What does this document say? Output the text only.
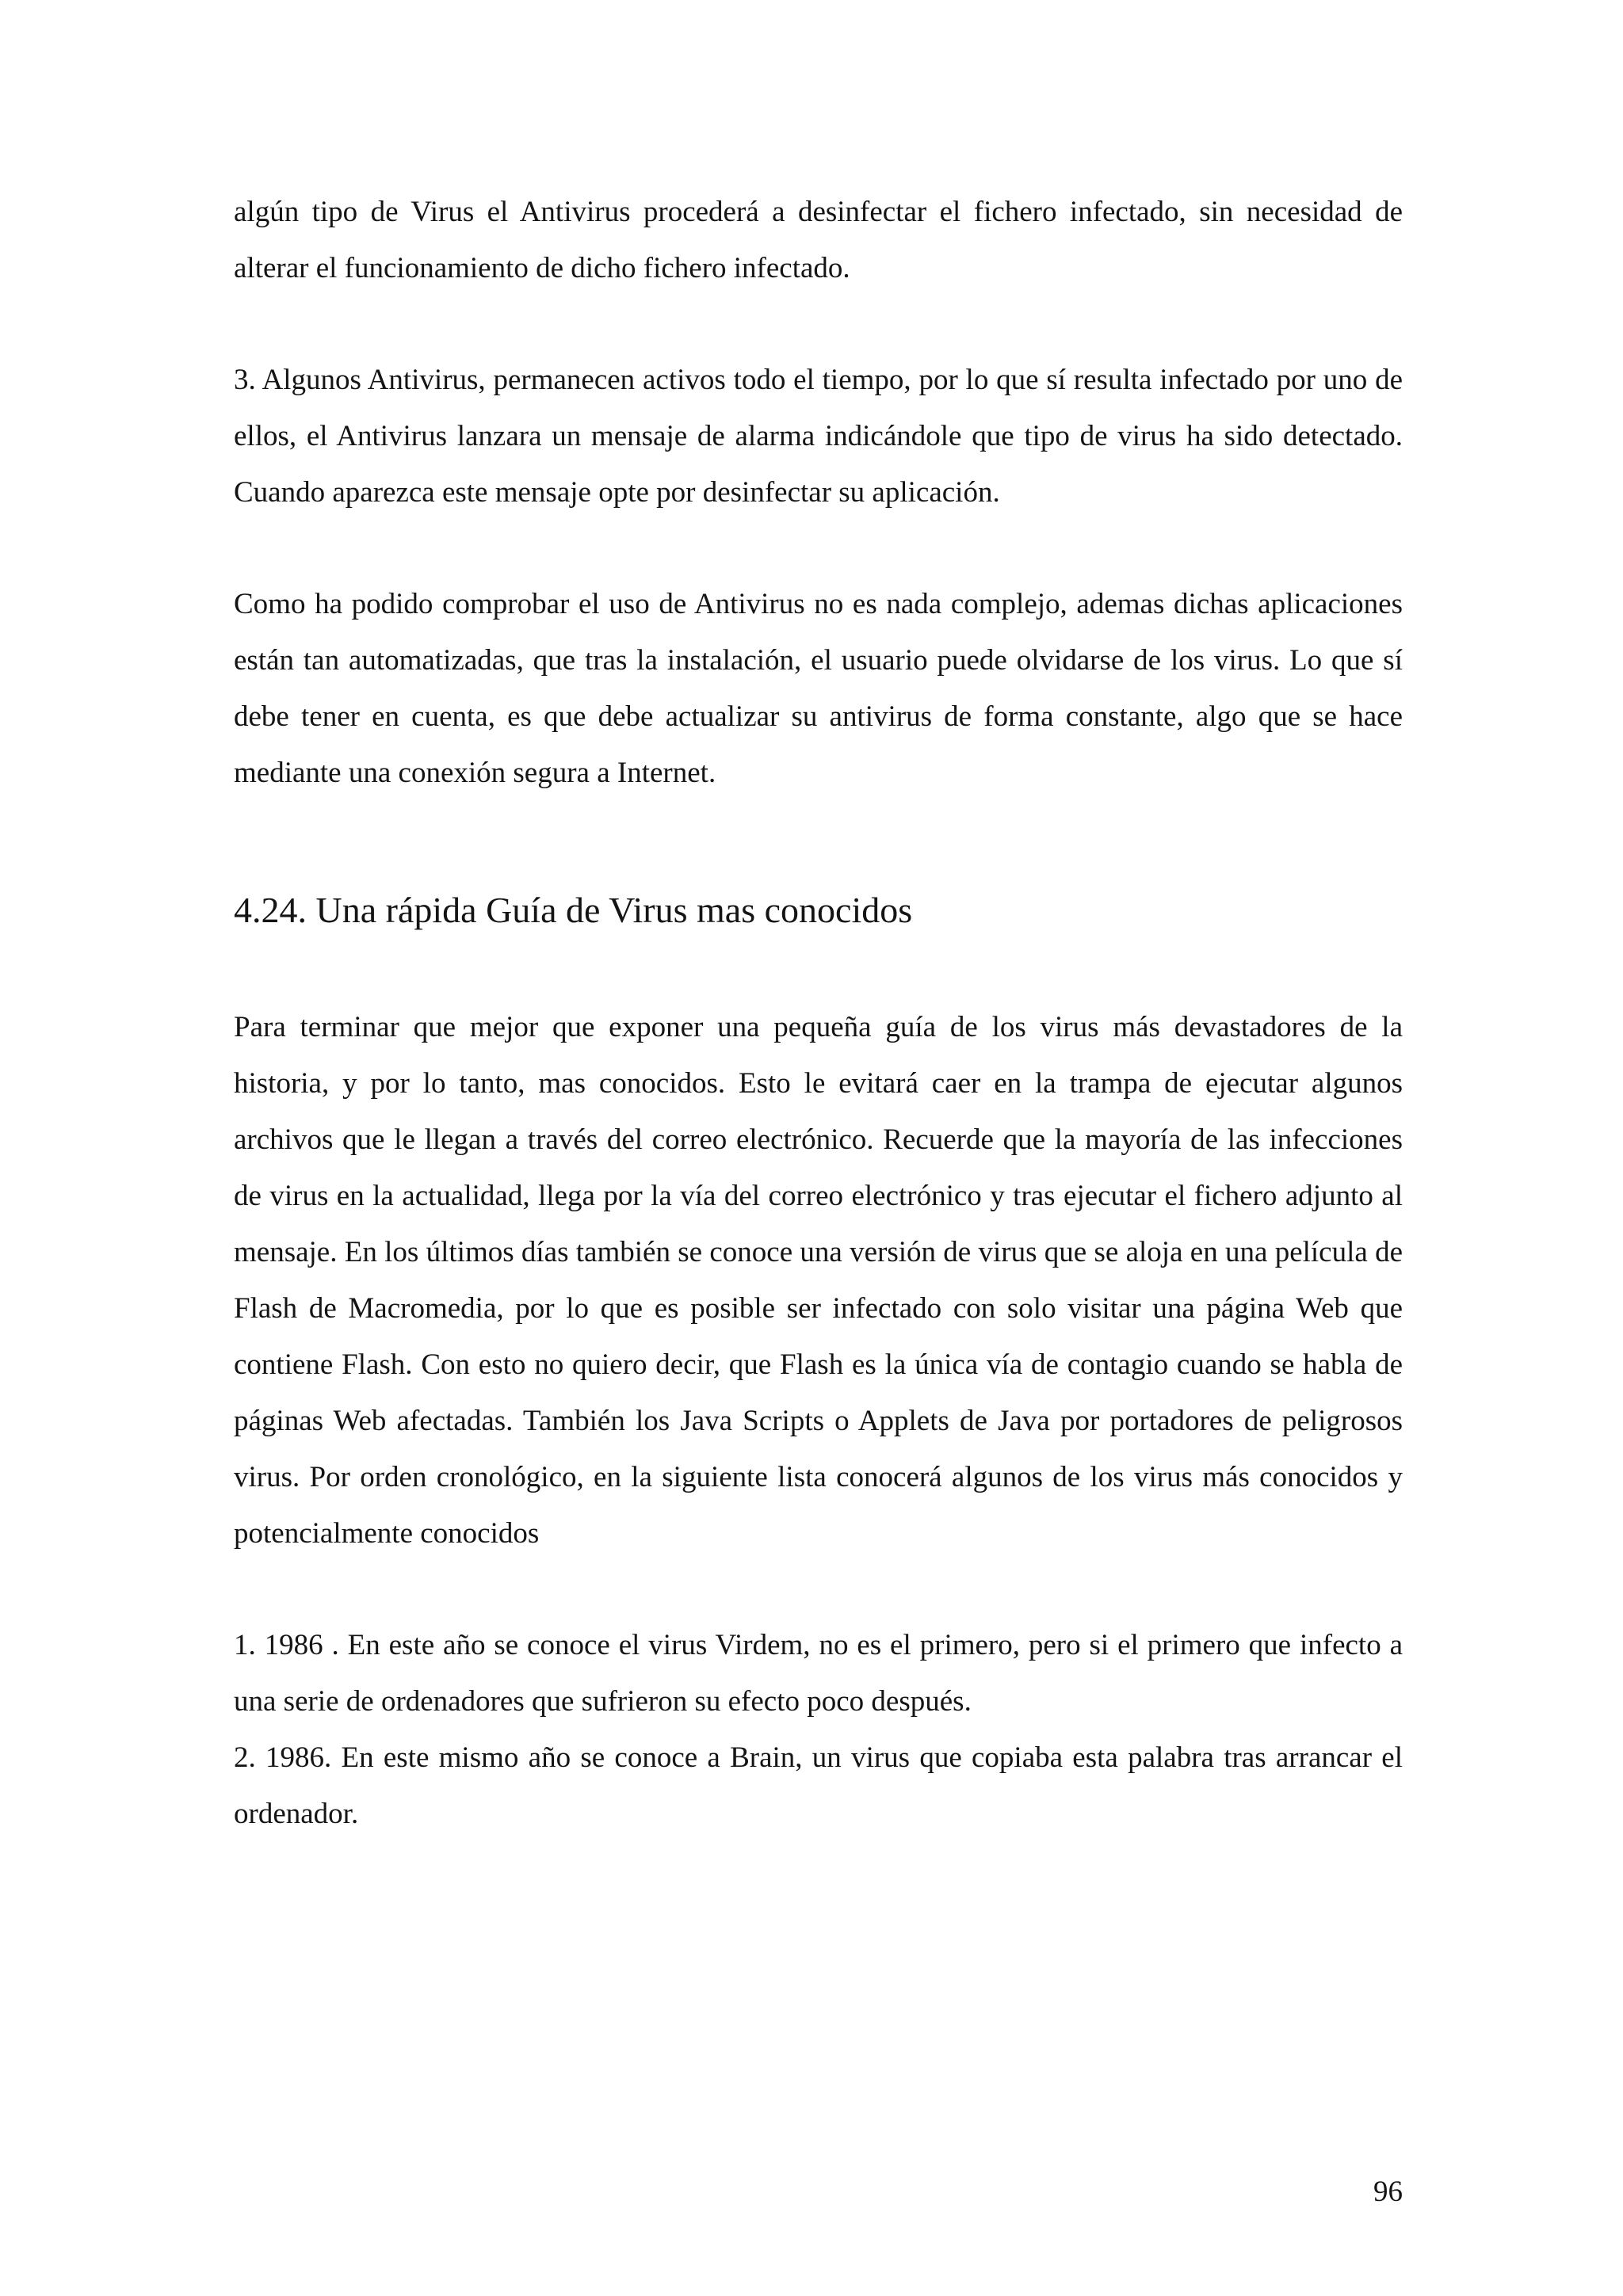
algún tipo de Virus el Antivirus procederá a desinfectar el fichero infectado, sin necesidad de alterar el funcionamiento de dicho fichero infectado.

3. Algunos Antivirus, permanecen activos todo el tiempo, por lo que sí resulta infectado por uno de ellos, el Antivirus lanzara un mensaje de alarma indicándole que tipo de virus ha sido detectado. Cuando aparezca este mensaje opte por desinfectar su aplicación.

Como ha podido comprobar el uso de Antivirus no es nada complejo, ademas dichas aplicaciones están tan automatizadas, que tras la instalación, el usuario puede olvidarse de los virus. Lo que sí debe tener en cuenta, es que debe actualizar su antivirus de forma constante, algo que se hace mediante una conexión segura a Internet.

4.24. Una rápida Guía de Virus mas conocidos

Para terminar que mejor que exponer una pequeña guía de los virus más devastadores de la historia, y por lo tanto, mas conocidos. Esto le evitará caer en la trampa de ejecutar algunos archivos que le llegan a través del correo electrónico. Recuerde que la mayoría de las infecciones de virus en la actualidad, llega por la vía del correo electrónico y tras ejecutar el fichero adjunto al mensaje. En los últimos días también se conoce una versión de virus que se aloja en una película de Flash de Macromedia, por lo que es posible ser infectado con solo visitar una página Web que contiene Flash. Con esto no quiero decir, que Flash es la única vía de contagio cuando se habla de páginas Web afectadas. También los Java Scripts o Applets de Java por portadores de peligrosos virus. Por orden cronológico, en la siguiente lista conocerá algunos de los virus más conocidos y potencialmente conocidos

1. 1986 . En este año se conoce el virus Virdem, no es el primero, pero si el primero que infecto a una serie de ordenadores que sufrieron su efecto poco después.

2. 1986. En este mismo año se conoce a Brain, un virus que copiaba esta palabra tras arrancar el ordenador.

96
